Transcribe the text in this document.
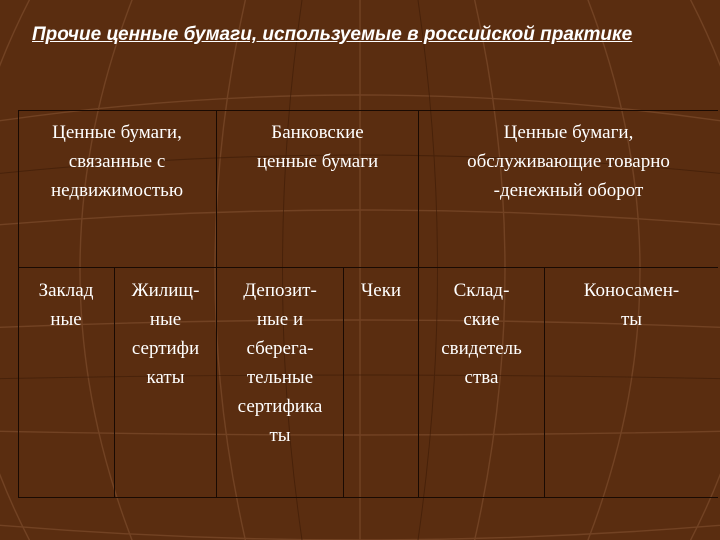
Прочие ценные бумаги, используемые в российской практике
Ценные бумаги,
связанные с
недвижимостью
Банковские
ценные бумаги
Ценные бумаги,
обслуживающие товарно
-денежный оборот
Заклад
ные
Жилищ-
ные
сертифи
каты
Депозит-
ные и
сберега-
тельные
сертифика
ты
Чеки	Склад-
ские
свидетель
ства
Коносамен-
ты
